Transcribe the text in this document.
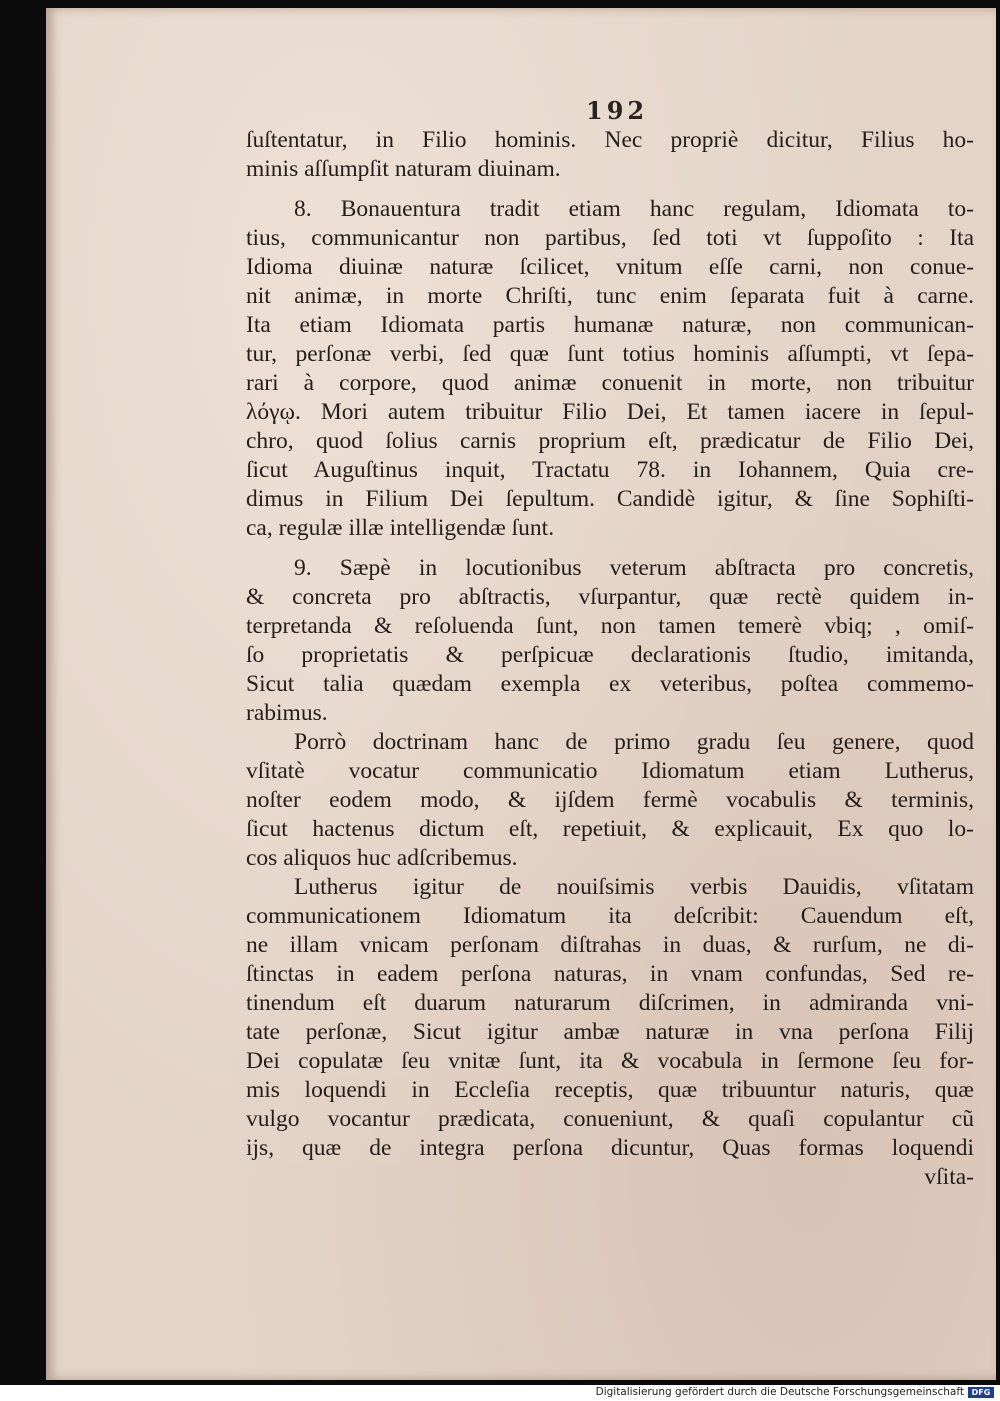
192
ſuſtentatur, in Filio hominis. Nec propriè dicitur, Filius ho-
minis aſſumpſit naturam diuinam.
8. Bonauentura tradit etiam hanc regulam, Idiomata to-
tius, communicantur non partibus, ſed toti vt ſuppoſito : Ita
Idioma diuinæ naturæ ſcilicet, vnitum eſſe carni, non conue-
nit animæ, in morte Chriſti, tunc enim ſeparata fuit à carne.
Ita etiam Idiomata partis humanæ naturæ, non communican-
tur, perſonæ verbi, ſed quæ ſunt totius hominis aſſumpti, vt ſepa-
rari à corpore, quod animæ conuenit in morte, non tribuitur
λόγῳ. Mori autem tribuitur Filio Dei, Et tamen iacere in ſepul-
chro, quod ſolius carnis proprium eſt, prædicatur de Filio Dei,
ſicut Auguſtinus inquit, Tractatu 78. in Iohannem, Quia cre-
dimus in Filium Dei ſepultum. Candidè igitur, & ſine Sophiſti-
ca, regulæ illæ intelligendæ ſunt.
9. Sæpè in locutionibus veterum abſtracta pro concretis,
& concreta pro abſtractis, vſurpantur, quæ rectè quidem in-
terpretanda & reſoluenda ſunt, non tamen temerè vbiq; , omiſ-
ſo proprietatis & perſpicuæ declarationis ſtudio, imitanda,
Sicut talia quædam exempla ex veteribus, poſtea commemo-
rabimus.
Porrò doctrinam hanc de primo gradu ſeu genere, quod
vſitatè vocatur communicatio Idiomatum etiam Lutherus,
noſter eodem modo, & ijſdem fermè vocabulis & terminis,
ſicut hactenus dictum eſt, repetiuit, & explicauit, Ex quo lo-
cos aliquos huc adſcribemus.
Lutherus igitur de nouiſsimis verbis Dauidis, vſitatam
communicationem Idiomatum ita deſcribit: Cauendum eſt,
ne illam vnicam perſonam diſtrahas in duas, & rurſum, ne di-
ſtinctas in eadem perſona naturas, in vnam confundas, Sed re-
tinendum eſt duarum naturarum diſcrimen, in admiranda vni-
tate perſonæ, Sicut igitur ambæ naturæ in vna perſona Filij
Dei copulatæ ſeu vnitæ ſunt, ita & vocabula in ſermone ſeu for-
mis loquendi in Eccleſia receptis, quæ tribuuntur naturis, quæ
vulgo vocantur prædicata, conueniunt, & quaſi copulantur cũ
ijs, quæ de integra perſona dicuntur, Quas formas loquendi
vſita-
Digitalisierung gefördert durch die Deutsche Forschungsgemeinschaft DFG
